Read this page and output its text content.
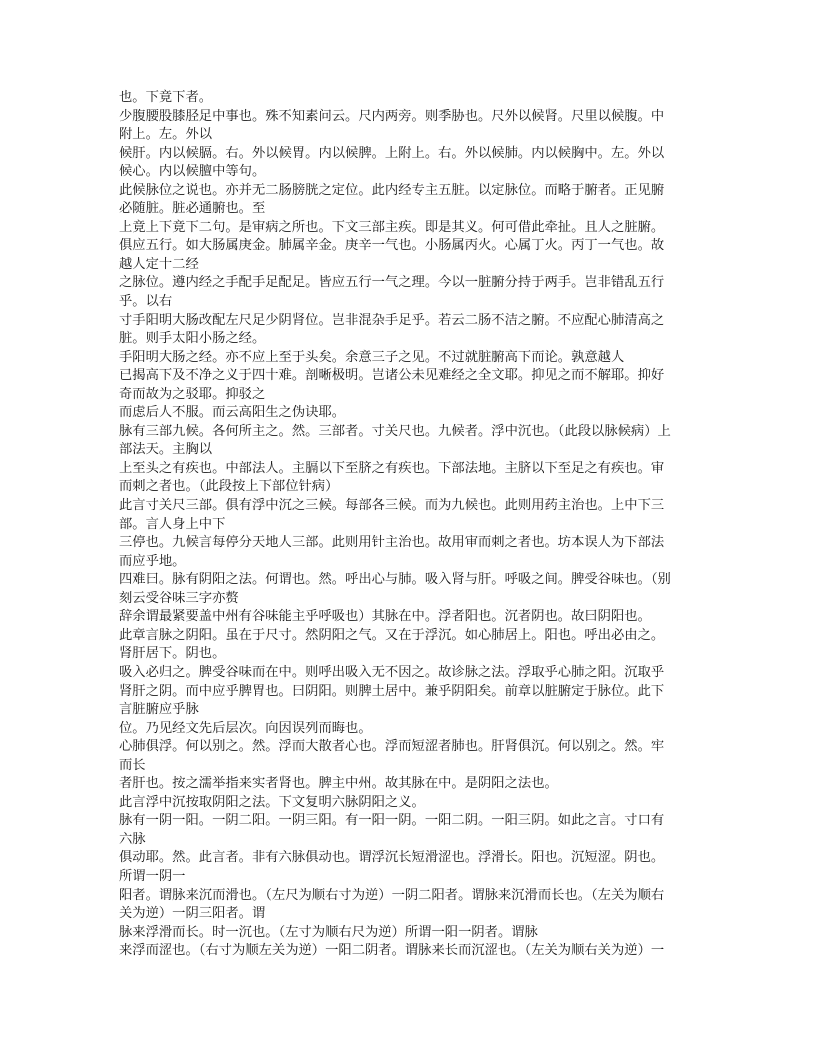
也。下竟下者。
少腹腰股膝胫足中事也。殊不知素问云。尺内两旁。则季胁也。尺外以候肾。尺里以候腹。中
附上。左。外以
候肝。内以候膈。右。外以候胃。内以候脾。上附上。右。外以候肺。内以候胸中。左。外以
候心。内以候膻中等句。
此候脉位之说也。亦并无二肠膀胱之定位。此内经专主五脏。以定脉位。而略于腑者。正见腑
必随脏。脏必通腑也。至
上竟上下竟下二句。是审病之所也。下文三部主疾。即是其义。何可借此牵扯。且人之脏腑。
俱应五行。如大肠属庚金。肺属辛金。庚辛一气也。小肠属丙火。心属丁火。丙丁一气也。故
越人定十二经
之脉位。遵内经之手配手足配足。皆应五行一气之理。今以一脏腑分持于两手。岂非错乱五行
乎。以右
寸手阳明大肠改配左尺足少阴肾位。岂非混杂手足乎。若云二肠不洁之腑。不应配心肺清高之
脏。则手太阳小肠之经。
手阳明大肠之经。亦不应上至于头矣。余意三子之见。不过就脏腑高下而论。孰意越人
已揭高下及不净之义于四十难。剖晰极明。岂诸公未见难经之全文耶。抑见之而不解耶。抑好
奇而故为之驳耶。抑驳之
而虑后人不服。而云高阳生之伪诀耶。
脉有三部九候。各何所主之。然。三部者。寸关尺也。九候者。浮中沉也。（此段以脉候病）上
部法天。主胸以
上至头之有疾也。中部法人。主膈以下至脐之有疾也。下部法地。主脐以下至足之有疾也。审
而刺之者也。（此段按上下部位针病）
此言寸关尺三部。俱有浮中沉之三候。每部各三候。而为九候也。此则用药主治也。上中下三
部。言人身上中下
三停也。九候言每停分天地人三部。此则用针主治也。故用审而刺之者也。坊本误人为下部法
而应乎地。
四难曰。脉有阴阳之法。何谓也。然。呼出心与肺。吸入肾与肝。呼吸之间。脾受谷味也。（别
刻云受谷味三字亦赘
辞余谓最紧要盖中州有谷味能主乎呼吸也）其脉在中。浮者阳也。沉者阴也。故曰阴阳也。
此章言脉之阴阳。虽在于尺寸。然阴阳之气。又在于浮沉。如心肺居上。阳也。呼出必由之。
肾肝居下。阴也。
吸入必归之。脾受谷味而在中。则呼出吸入无不因之。故诊脉之法。浮取乎心肺之阳。沉取乎
肾肝之阴。而中应乎脾胃也。曰阴阳。则脾土居中。兼乎阴阳矣。前章以脏腑定于脉位。此下
言脏腑应乎脉
位。乃见经文先后层次。向因误列而晦也。
心肺俱浮。何以别之。然。浮而大散者心也。浮而短涩者肺也。肝肾俱沉。何以别之。然。牢
而长
者肝也。按之濡举指来实者肾也。脾主中州。故其脉在中。是阴阳之法也。
此言浮中沉按取阴阳之法。下文复明六脉阴阳之义。
脉有一阴一阳。一阴二阳。一阴三阳。有一阳一阴。一阳二阴。一阳三阴。如此之言。寸口有
六脉
俱动耶。然。此言者。非有六脉俱动也。谓浮沉长短滑涩也。浮滑长。阳也。沉短涩。阴也。
所谓一阴一
阳者。谓脉来沉而滑也。（左尺为顺右寸为逆）一阴二阳者。谓脉来沉滑而长也。（左关为顺右
关为逆）一阴三阳者。谓
脉来浮滑而长。时一沉也。（左寸为顺右尺为逆）所谓一阳一阴者。谓脉
来浮而涩也。（右寸为顺左关为逆）一阳二阴者。谓脉来长而沉涩也。（左关为顺右关为逆）一
